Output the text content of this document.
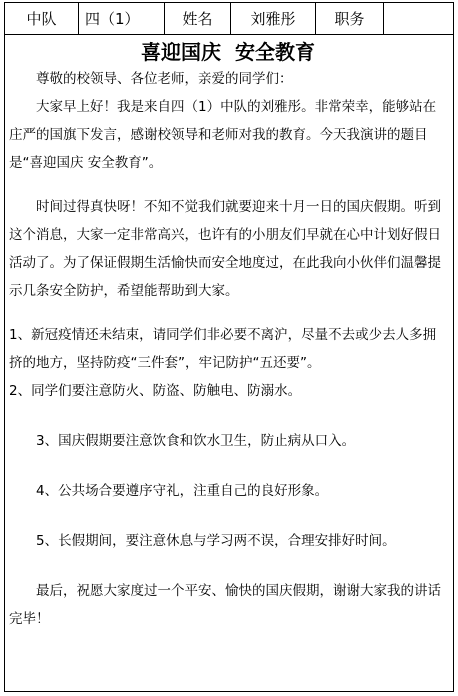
中队	四（1）	姓名	刘雅彤	职务
喜迎国庆  安全教育

尊敬的校领导、各位老师，亲爱的同学们：

大家早上好！我是来自四（1）中队的刘雅彤。非常荣幸，能够站在庄严的国旗下发言，感谢校领导和老师对我的教育。今天我演讲的题目是“喜迎国庆 安全教育”。

时间过得真快呀！不知不觉我们就要迎来十月一日的国庆假期。听到这个消息，大家一定非常高兴，也许有的小朋友们早就在心中计划好假日活动了。为了保证假期生活愉快而安全地度过，在此我向小伙伴们温馨提示几条安全防护，希望能帮助到大家。

1、新冠疫情还未结束，请同学们非必要不离沪，尽量不去或少去人多拥挤的地方，坚持防疫“三件套”，牢记防护“五还要”。

2、同学们要注意防火、防盗、防触电、防溺水。

3、国庆假期要注意饮食和饮水卫生，防止病从口入。

4、公共场合要遵序守礼，注重自己的良好形象。

5、长假期间，要注意休息与学习两不误，合理安排好时间。

最后，祝愿大家度过一个平安、愉快的国庆假期，谢谢大家我的讲话完毕！
